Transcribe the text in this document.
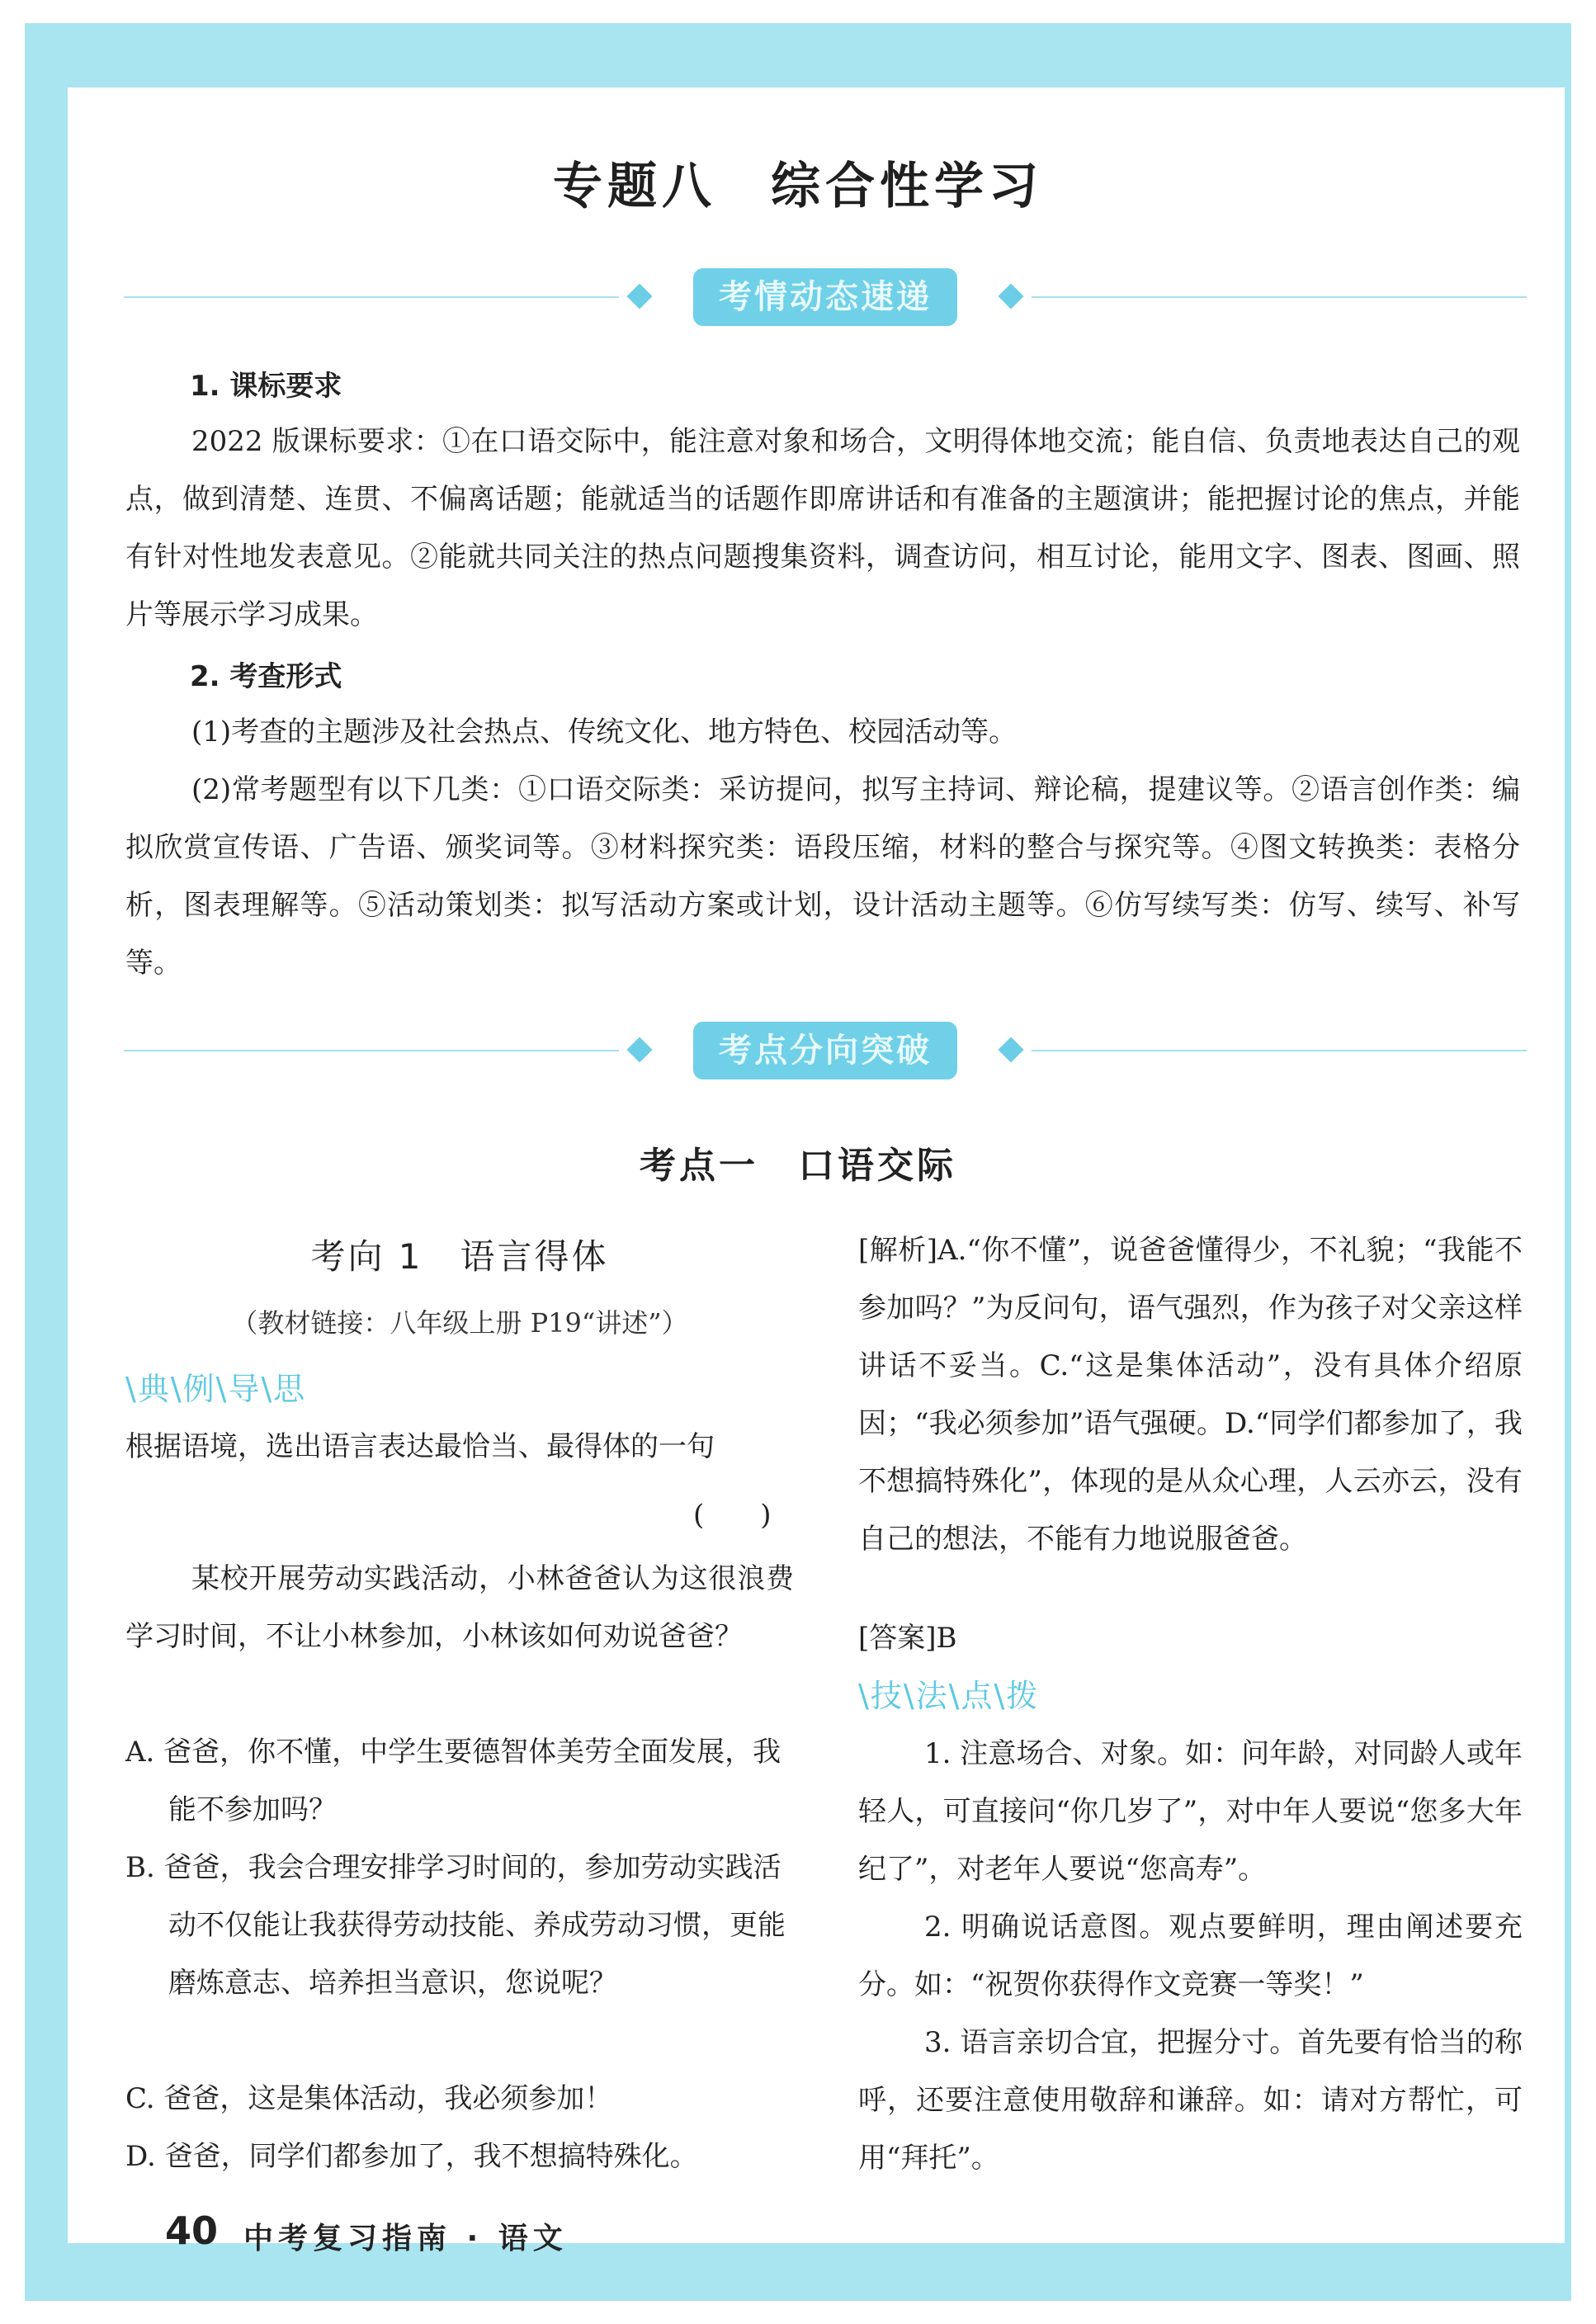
专题八　综合性学习
考情动态速递
1. 课标要求
2022 版课标要求：①在口语交际中，能注意对象和场合，文明得体地交流；能自信、负责地表达自己的观点，做到清楚、连贯、不偏离话题；能就适当的话题作即席讲话和有准备的主题演讲；能把握讨论的焦点，并能有针对性地发表意见。②能就共同关注的热点问题搜集资料，调查访问，相互讨论，能用文字、图表、图画、照片等展示学习成果。
2. 考查形式
(1)考查的主题涉及社会热点、传统文化、地方特色、校园活动等。
(2)常考题型有以下几类：①口语交际类：采访提问，拟写主持词、辩论稿，提建议等。②语言创作类：编拟欣赏宣传语、广告语、颁奖词等。③材料探究类：语段压缩，材料的整合与探究等。④图文转换类：表格分析，图表理解等。⑤活动策划类：拟写活动方案或计划，设计活动主题等。⑥仿写续写类：仿写、续写、补写等。
考点分向突破
考点一　口语交际
考向 1　语言得体
（教材链接：八年级上册 P19“讲述”）
\典\例\导\思
根据语境，选出语言表达最恰当、最得体的一句
(　　)
某校开展劳动实践活动，小林爸爸认为这很浪费学习时间，不让小林参加，小林该如何劝说爸爸？
A. 爸爸，你不懂，中学生要德智体美劳全面发展，我能不参加吗？
B. 爸爸，我会合理安排学习时间的，参加劳动实践活动不仅能让我获得劳动技能、养成劳动习惯，更能磨炼意志、培养担当意识，您说呢？
C. 爸爸，这是集体活动，我必须参加！
D. 爸爸，同学们都参加了，我不想搞特殊化。
[解析]A.“你不懂”，说爸爸懂得少，不礼貌；“我能不参加吗？”为反问句，语气强烈，作为孩子对父亲这样讲话不妥当。C.“这是集体活动”，没有具体介绍原因；“我必须参加”语气强硬。D.“同学们都参加了，我不想搞特殊化”，体现的是从众心理，人云亦云，没有自己的想法，不能有力地说服爸爸。
[答案]B
\技\法\点\拨
1. 注意场合、对象。如：问年龄，对同龄人或年轻人，可直接问“你几岁了”，对中年人要说“您多大年纪了”，对老年人要说“您高寿”。
2. 明确说话意图。观点要鲜明，理由阐述要充分。如：“祝贺你获得作文竞赛一等奖！”
3. 语言亲切合宜，把握分寸。首先要有恰当的称呼，还要注意使用敬辞和谦辞。如：请对方帮忙，可用“拜托”。
40 中考复习指南 · 语文
